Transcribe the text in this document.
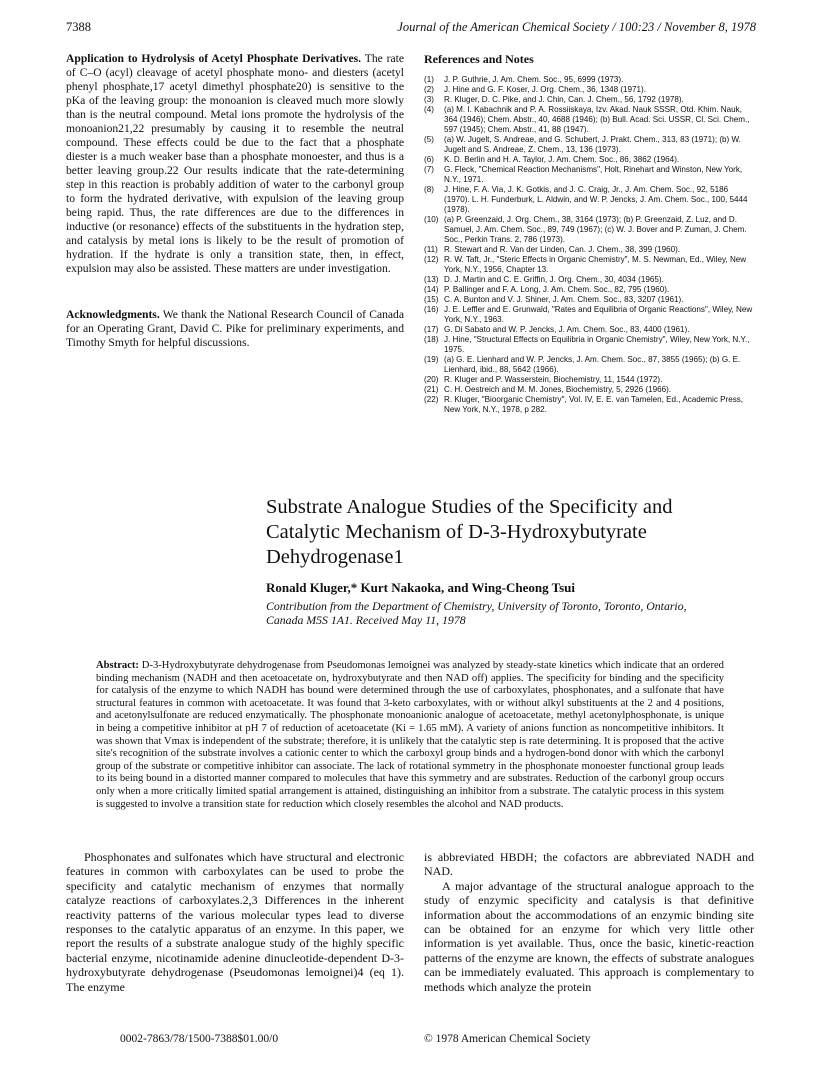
7388	Journal of the American Chemical Society / 100:23 / November 8, 1978
Application to Hydrolysis of Acetyl Phosphate Derivatives. The rate of C–O (acyl) cleavage of acetyl phosphate mono- and diesters (acetyl phenyl phosphate,17 acetyl dimethyl phosphate20) is sensitive to the pKa of the leaving group: the monoanion is cleaved much more slowly than is the neutral compound. Metal ions promote the hydrolysis of the monoanion21,22 presumably by causing it to resemble the neutral compound. These effects could be due to the fact that a phosphate diester is a much weaker base than a phosphate monoester, and thus is a better leaving group.22 Our results indicate that the rate-determining step in this reaction is probably addition of water to the carbonyl group to form the hydrated derivative, with expulsion of the leaving group being rapid. Thus, the rate differences are due to the differences in inductive (or resonance) effects of the substituents in the hydration step, and catalysis by metal ions is likely to be the result of promotion of hydration. If the hydrate is only a transition state, then, in effect, expulsion may also be assisted. These matters are under investigation.
Acknowledgments. We thank the National Research Council of Canada for an Operating Grant, David C. Pike for preliminary experiments, and Timothy Smyth for helpful discussions.
References and Notes
(1)	J. P. Guthrie, J. Am. Chem. Soc., 95, 6999 (1973).
(2)	J. Hine and G. F. Koser, J. Org. Chem., 36, 1348 (1971).
(3)	R. Kluger, D. C. Pike, and J. Chin, Can. J. Chem., 56, 1792 (1978).
(4)	(a) M. I. Kabachnik and P. A. Rossiiskaya, Izv. Akad. Nauk SSSR, Otd. Khim. Nauk, 364 (1946); Chem. Abstr., 40, 4688 (1946); (b) Bull. Acad. Sci. USSR, Cl. Sci. Chem., 597 (1945); Chem. Abstr., 41, 88 (1947).
(5)	(a) W. Jugelt, S. Andreae, and G. Schubert, J. Prakt. Chem., 313, 83 (1971); (b) W. Jugelt and S. Andreae, Z. Chem., 13, 136 (1973).
(6)	K. D. Berlin and H. A. Taylor, J. Am. Chem. Soc., 86, 3862 (1964).
(7)	G. Fleck, "Chemical Reaction Mechanisms", Holt, Rinehart and Winston, New York, N.Y., 1971.
(8)	J. Hine, F. A. Via, J. K. Gotkis, and J. C. Craig, Jr., J. Am. Chem. Soc., 92, 5186 (1970). L. H. Funderburk, L. Aldwin, and W. P. Jencks, J. Am. Chem. Soc., 100, 5444 (1978).
(10) (a) P. Greenzaid, J. Org. Chem., 38, 3164 (1973); (b) P. Greenzaid, Z. Luz, and D. Samuel, J. Am. Chem. Soc., 89, 749 (1967); (c) W. J. Bover and P. Zuman, J. Chem. Soc., Perkin Trans. 2, 786 (1973).
(11) R. Stewart and R. Van der Linden, Can. J. Chem., 38, 399 (1960).
(12) R. W. Taft, Jr., "Steric Effects in Organic Chemistry", M. S. Newman, Ed., Wiley, New York, N.Y., 1956, Chapter 13.
(13) D. J. Martin and C. E. Griffin, J. Org. Chem., 30, 4034 (1965).
(14) P. Ballinger and F. A. Long, J. Am. Chem. Soc., 82, 795 (1960).
(15) C. A. Bunton and V. J. Shiner, J. Am. Chem. Soc., 83, 3207 (1961).
(16) J. E. Leffler and E. Grunwald, "Rates and Equilibria of Organic Reactions", Wiley, New York, N.Y., 1963.
(17) G. Di Sabato and W. P. Jencks, J. Am. Chem. Soc., 83, 4400 (1961).
(18) J. Hine, "Structural Effects on Equilibria in Organic Chemistry", Wiley, New York, N.Y., 1975.
(19) (a) G. E. Lienhard and W. P. Jencks, J. Am. Chem. Soc., 87, 3855 (1965); (b) G. E. Lienhard, ibid., 88, 5642 (1966).
(20) R. Kluger and P. Wasserstein, Biochemistry, 11, 1544 (1972).
(21) C. H. Oestreich and M. M. Jones, Biochemistry, 5, 2926 (1966).
(22) R. Kluger, "Bioorganic Chemistry", Vol. IV, E. E. van Tamelen, Ed., Academic Press, New York, N.Y., 1978, p 282.
Substrate Analogue Studies of the Specificity and Catalytic Mechanism of D-3-Hydroxybutyrate Dehydrogenase1
Ronald Kluger,* Kurt Nakaoka, and Wing-Cheong Tsui
Contribution from the Department of Chemistry, University of Toronto, Toronto, Ontario, Canada M5S 1A1. Received May 11, 1978
Abstract: D-3-Hydroxybutyrate dehydrogenase from Pseudomonas lemoignei was analyzed by steady-state kinetics which indicate that an ordered binding mechanism (NADH and then acetoacetate on, hydroxybutyrate and then NAD off) applies. The specificity for binding and the specificity for catalysis of the enzyme to which NADH has bound were determined through the use of carboxylates, phosphonates, and a sulfonate that have structural features in common with acetoacetate. It was found that 3-keto carboxylates, with or without alkyl substituents at the 2 and 4 positions, and acetonylsulfonate are reduced enzymatically. The phosphonate monoanionic analogue of acetoacetate, methyl acetonylphosphonate, is unique in being a competitive inhibitor at pH 7 of reduction of acetoacetate (Ki = 1.65 mM). A variety of anions function as noncompetitive inhibitors. It was shown that Vmax is independent of the substrate; therefore, it is unlikely that the catalytic step is rate determining. It is proposed that the active site's recognition of the substrate involves a cationic center to which the carboxyl group binds and a hydrogen-bond donor with which the carbonyl group of the substrate or competitive inhibitor can associate. The lack of rotational symmetry in the phosphonate monoester functional group leads to its being bound in a distorted manner compared to molecules that have this symmetry and are substrates. Reduction of the carbonyl group occurs only when a more critically limited spatial arrangement is attained, distinguishing an inhibitor from a substrate. The catalytic process in this system is suggested to involve a transition state for reduction which closely resembles the alcohol and NAD products.

Phosphonates and sulfonates which have structural and electronic features in common with carboxylates can be used to probe the specificity and catalytic mechanism of enzymes that normally catalyze reactions of carboxylates.2,3 Differences in the inherent reactivity patterns of the various molecular types lead to diverse responses to the catalytic apparatus of an enzyme. In this paper, we report the results of a substrate analogue study of the highly specific bacterial enzyme, nicotinamide adenine dinucleotide-dependent D-3-hydroxybutyrate dehydrogenase (Pseudomonas lemoignei)4 (eq 1). The enzyme

is abbreviated HBDH; the cofactors are abbreviated NADH and NAD.

A major advantage of the structural analogue approach to the study of enzymic specificity and catalysis is that definitive information about the accommodations of an enzymic binding site can be obtained for an enzyme for which very little other information is yet available. Thus, once the basic, kinetic-reaction patterns of the enzyme are known, the effects of substrate analogues can be immediately evaluated. This approach is complementary to methods which analyze the protein

0002-7863/78/1500-7388$01.00/0	© 1978 American Chemical Society
